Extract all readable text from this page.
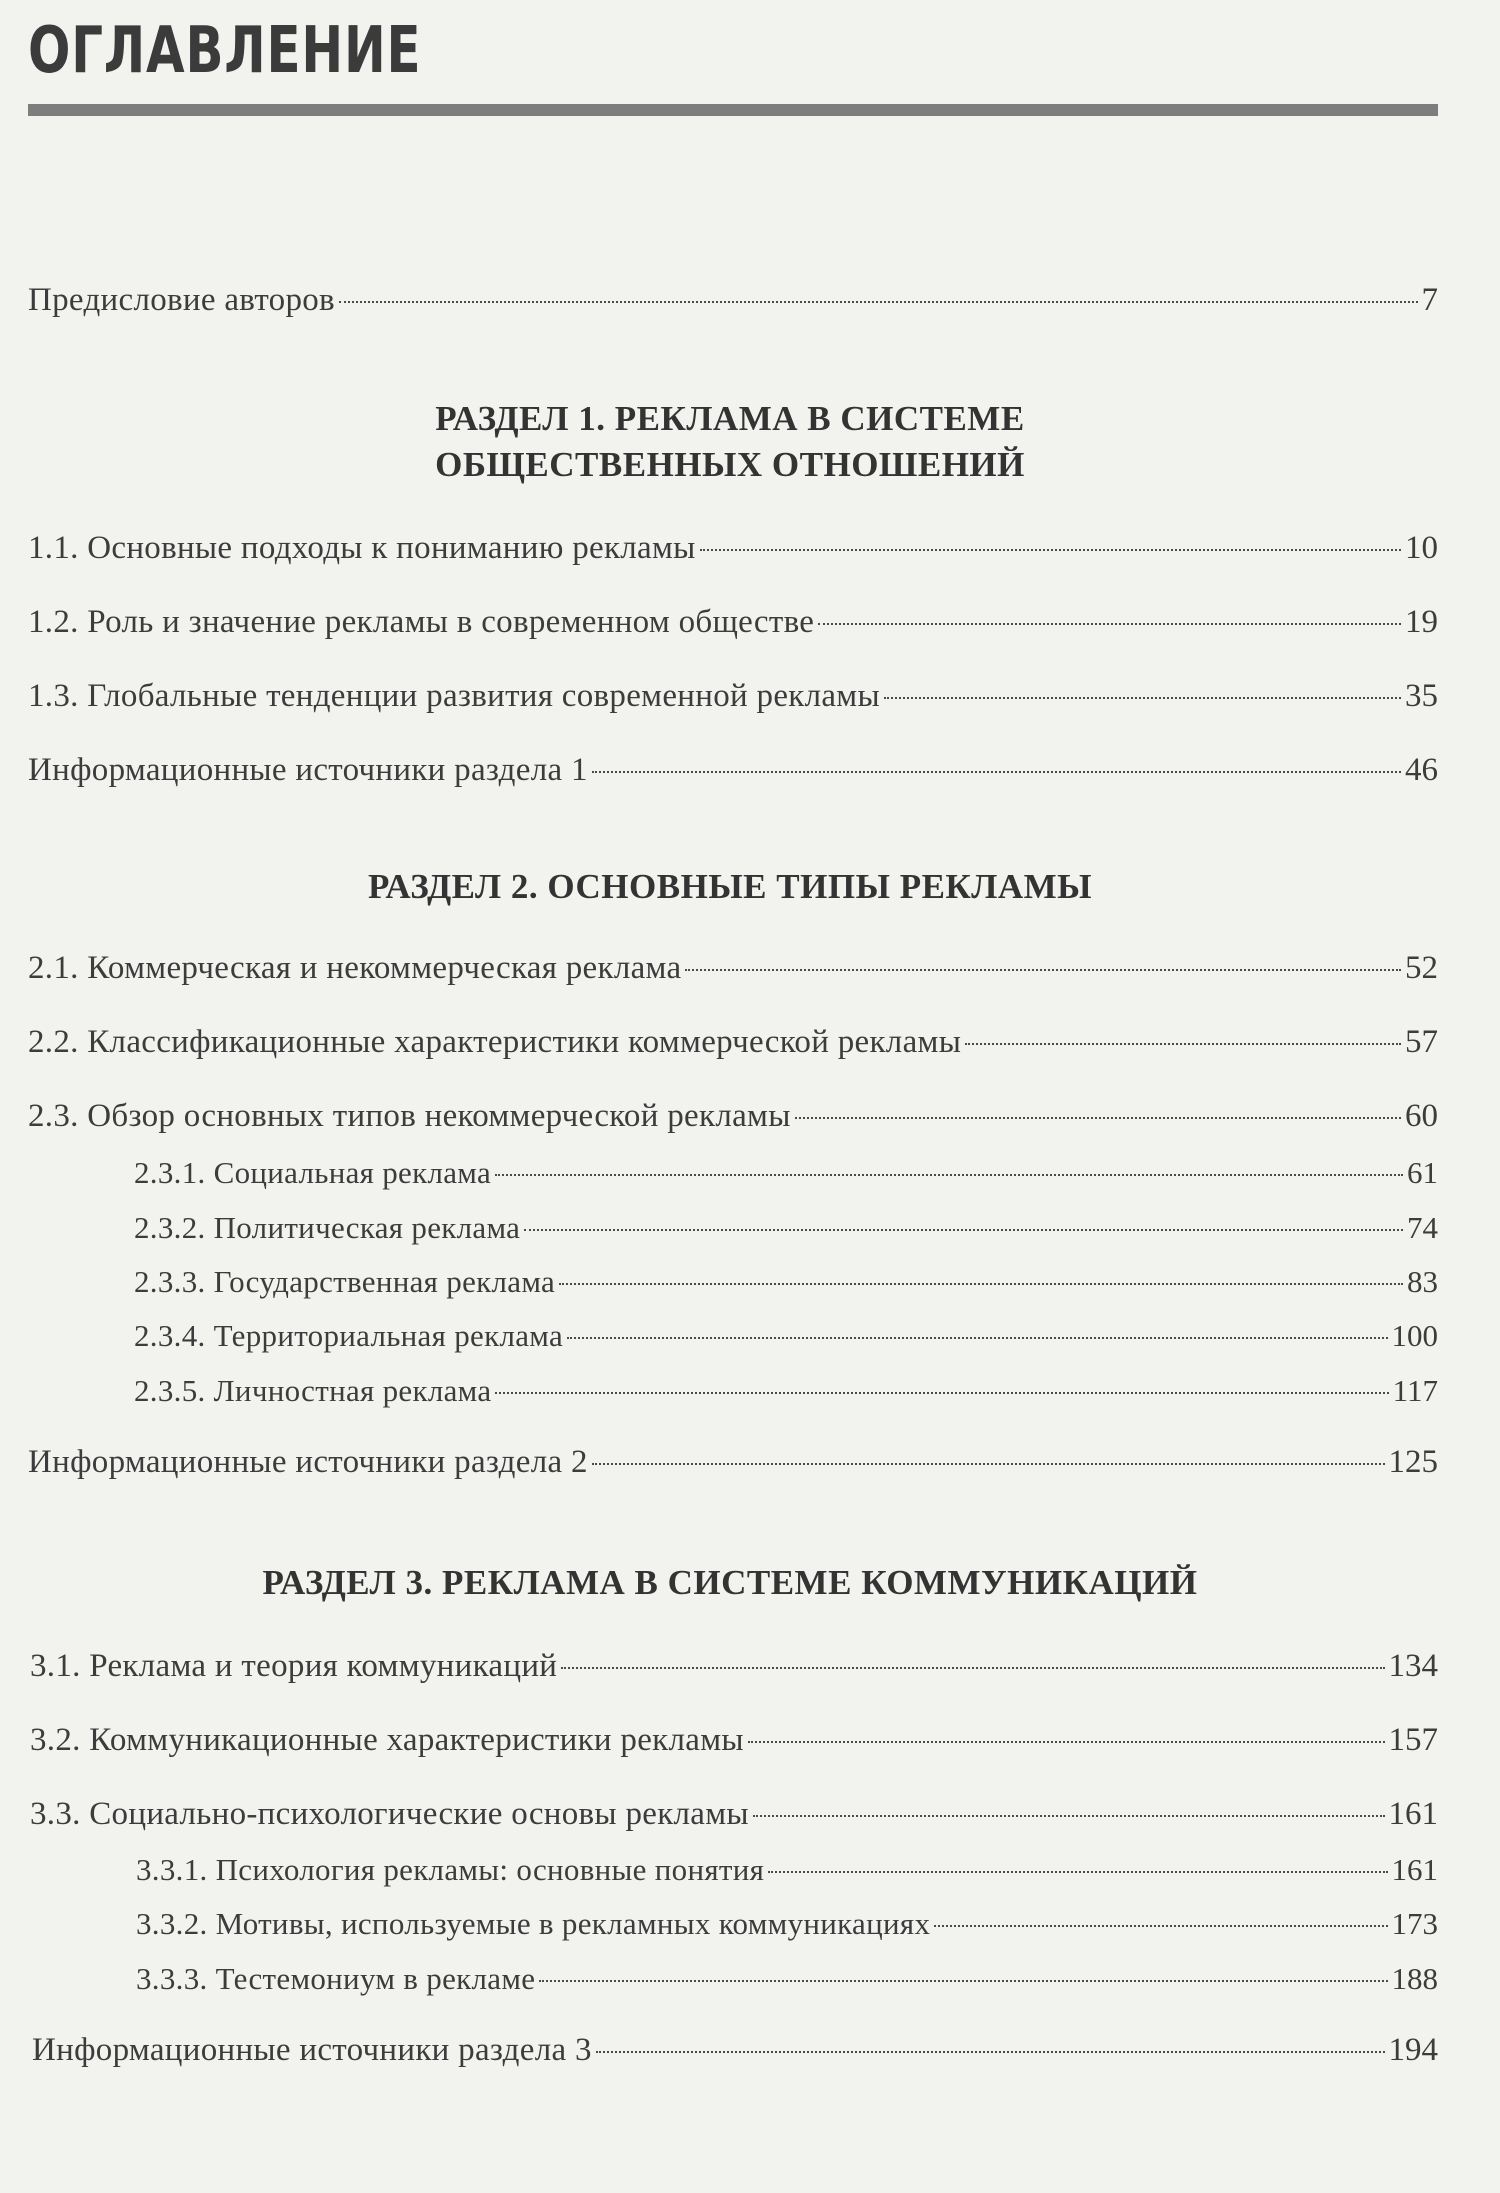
ОГЛАВЛЕНИЕ
Предисловие авторов	7
РАЗДЕЛ 1. РЕКЛАМА В СИСТЕМЕ
ОБЩЕСТВЕННЫХ ОТНОШЕНИЙ
1.1. Основные подходы к пониманию рекламы	10
1.2. Роль и значение рекламы в современном обществе	19
1.3. Глобальные тенденции развития современной рекламы	35
Информационные источники раздела 1	46
РАЗДЕЛ 2. ОСНОВНЫЕ ТИПЫ РЕКЛАМЫ
2.1. Коммерческая и некоммерческая реклама	52
2.2. Классификационные характеристики коммерческой рекламы	57
2.3. Обзор основных типов некоммерческой рекламы	60
2.3.1. Социальная реклама	61
2.3.2. Политическая реклама	74
2.3.3. Государственная реклама	83
2.3.4. Территориальная реклама	100
2.3.5. Личностная реклама	117
Информационные источники раздела 2	125
РАЗДЕЛ 3. РЕКЛАМА В СИСТЕМЕ КОММУНИКАЦИЙ
3.1. Реклама и теория коммуникаций	134
3.2. Коммуникационные характеристики рекламы	157
3.3. Социально-психологические основы рекламы	161
3.3.1. Психология рекламы: основные понятия	161
3.3.2. Мотивы, используемые в рекламных коммуникациях	173
3.3.3. Тестемониум в рекламе	188
Информационные источники раздела 3	194
